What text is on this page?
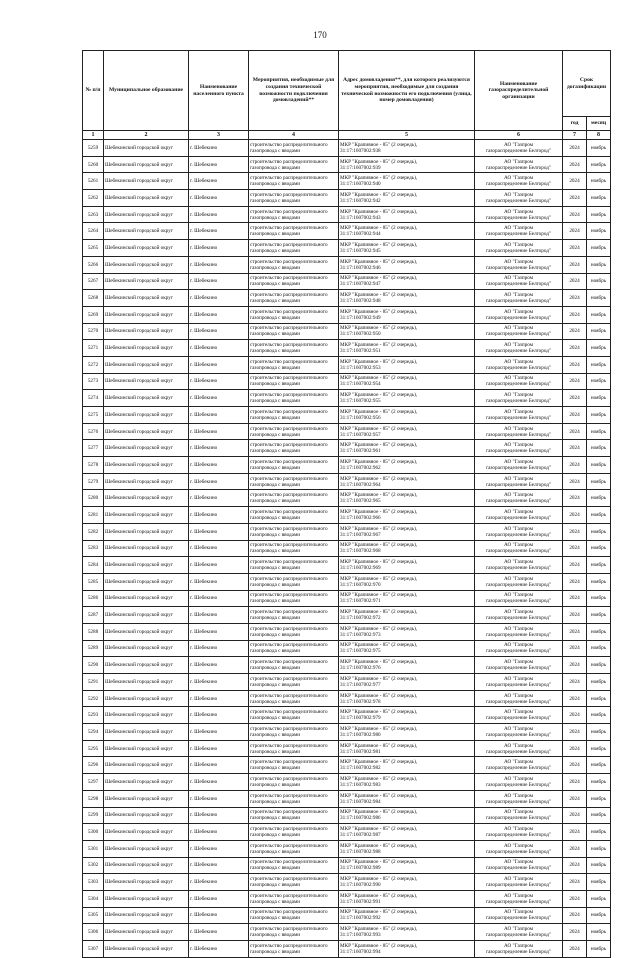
170
№ п/п	Муниципальное образование	Наименование населенного пункта	Мероприятия, необходимые для создания технической возможности подключения домовладений**	Адрес домовладения**, для которого реализуются мероприятия, необходимые для создания технической возможности его подключения (улица, номер домовладения)	Наименование газораспределительной организации	Срок догазификации	
						год	месяц
1	2	3	4	5	6	7	8

5259	Шебекинский городской округ	г. Шебекино	строительство распределительного
газопровода с вводами	МКР "Крапивное - 85" (2 очередь),
31:17:1607002:938	АО "Газпром
газораспределение Белгород"	2024	ноябрь

5260	Шебекинский городской округ	г. Шебекино	строительство распределительного
газопровода с вводами	МКР "Крапивное - 85" (2 очередь),
31:17:1607002:939	АО "Газпром
газораспределение Белгород"	2024	ноябрь

5261	Шебекинский городской округ	г. Шебекино	строительство распределительного
газопровода с вводами	МКР "Крапивное - 85" (2 очередь),
31:17:1607002:940	АО "Газпром
газораспределение Белгород"	2024	ноябрь

5262	Шебекинский городской округ	г. Шебекино	строительство распределительного
газопровода с вводами	МКР "Крапивное - 85" (2 очередь),
31:17:1607002:942	АО "Газпром
газораспределение Белгород"	2024	ноябрь

5263	Шебекинский городской округ	г. Шебекино	строительство распределительного
газопровода с вводами	МКР "Крапивное - 85" (2 очередь),
31:17:1607002:943	АО "Газпром
газораспределение Белгород"	2024	ноябрь

5264	Шебекинский городской округ	г. Шебекино	строительство распределительного
газопровода с вводами	МКР "Крапивное - 85" (2 очередь),
31:17:1607002:944	АО "Газпром
газораспределение Белгород"	2024	ноябрь

5265	Шебекинский городской округ	г. Шебекино	строительство распределительного
газопровода с вводами	МКР "Крапивное - 85" (2 очередь),
31:17:1607002:945	АО "Газпром
газораспределение Белгород"	2024	ноябрь

5266	Шебекинский городской округ	г. Шебекино	строительство распределительного
газопровода с вводами	МКР "Крапивное - 85" (2 очередь),
31:17:1607002:946	АО "Газпром
газораспределение Белгород"	2024	ноябрь

5267	Шебекинский городской округ	г. Шебекино	строительство распределительного
газопровода с вводами	МКР "Крапивное - 85" (2 очередь),
31:17:1607002:947	АО "Газпром
газораспределение Белгород"	2024	ноябрь

5268	Шебекинский городской округ	г. Шебекино	строительство распределительного
газопровода с вводами	МКР "Крапивное - 85" (2 очередь),
31:17:1607002:948	АО "Газпром
газораспределение Белгород"	2024	ноябрь

5269	Шебекинский городской округ	г. Шебекино	строительство распределительного
газопровода с вводами	МКР "Крапивное - 85" (2 очередь),
31:17:1607002:949	АО "Газпром
газораспределение Белгород"	2024	ноябрь

5270	Шебекинский городской округ	г. Шебекино	строительство распределительного
газопровода с вводами	МКР "Крапивное - 85" (2 очередь),
31:17:1607002:950	АО "Газпром
газораспределение Белгород"	2024	ноябрь

5271	Шебекинский городской округ	г. Шебекино	строительство распределительного
газопровода с вводами	МКР "Крапивное - 85" (2 очередь),
31:17:1607002:951	АО "Газпром
газораспределение Белгород"	2024	ноябрь

5272	Шебекинский городской округ	г. Шебекино	строительство распределительного
газопровода с вводами	МКР "Крапивное - 85" (2 очередь),
31:17:1607002:953	АО "Газпром
газораспределение Белгород"	2024	ноябрь

5273	Шебекинский городской округ	г. Шебекино	строительство распределительного
газопровода с вводами	МКР "Крапивное - 85" (2 очередь),
31:17:1607002:954	АО "Газпром
газораспределение Белгород"	2024	ноябрь

5274	Шебекинский городской округ	г. Шебекино	строительство распределительного
газопровода с вводами	МКР "Крапивное - 85" (2 очередь),
31:17:1607002:955	АО "Газпром
газораспределение Белгород"	2024	ноябрь

5275	Шебекинский городской округ	г. Шебекино	строительство распределительного
газопровода с вводами	МКР "Крапивное - 85" (2 очередь),
31:17:1607002:956	АО "Газпром
газораспределение Белгород"	2024	ноябрь

5276	Шебекинский городской округ	г. Шебекино	строительство распределительного
газопровода с вводами	МКР "Крапивное - 85" (2 очередь),
31:17:1607002:957	АО "Газпром
газораспределение Белгород"	2024	ноябрь

5277	Шебекинский городской округ	г. Шебекино	строительство распределительного
газопровода с вводами	МКР "Крапивное - 85" (2 очередь),
31:17:1607002:961	АО "Газпром
газораспределение Белгород"	2024	ноябрь

5278	Шебекинский городской округ	г. Шебекино	строительство распределительного
газопровода с вводами	МКР "Крапивное - 85" (2 очередь),
31:17:1607002:962	АО "Газпром
газораспределение Белгород"	2024	ноябрь

5279	Шебекинский городской округ	г. Шебекино	строительство распределительного
газопровода с вводами	МКР "Крапивное - 85" (2 очередь),
31:17:1607002:964	АО "Газпром
газораспределение Белгород"	2024	ноябрь

5280	Шебекинский городской округ	г. Шебекино	строительство распределительного
газопровода с вводами	МКР "Крапивное - 85" (2 очередь),
31:17:1607002:965	АО "Газпром
газораспределение Белгород"	2024	ноябрь

5281	Шебекинский городской округ	г. Шебекино	строительство распределительного
газопровода с вводами	МКР "Крапивное - 85" (2 очередь),
31:17:1607002:966	АО "Газпром
газораспределение Белгород"	2024	ноябрь

5282	Шебекинский городской округ	г. Шебекино	строительство распределительного
газопровода с вводами	МКР "Крапивное - 85" (2 очередь),
31:17:1607002:967	АО "Газпром
газораспределение Белгород"	2024	ноябрь

5283	Шебекинский городской округ	г. Шебекино	строительство распределительного
газопровода с вводами	МКР "Крапивное - 85" (2 очередь),
31:17:1607002:968	АО "Газпром
газораспределение Белгород"	2024	ноябрь

5284	Шебекинский городской округ	г. Шебекино	строительство распределительного
газопровода с вводами	МКР "Крапивное - 85" (2 очередь),
31:17:1607002:969	АО "Газпром
газораспределение Белгород"	2024	ноябрь

5285	Шебекинский городской округ	г. Шебекино	строительство распределительного
газопровода с вводами	МКР "Крапивное - 85" (2 очередь),
31:17:1607002:970	АО "Газпром
газораспределение Белгород"	2024	ноябрь

5286	Шебекинский городской округ	г. Шебекино	строительство распределительного
газопровода с вводами	МКР "Крапивное - 85" (2 очередь),
31:17:1607002:971	АО "Газпром
газораспределение Белгород"	2024	ноябрь

5287	Шебекинский городской округ	г. Шебекино	строительство распределительного
газопровода с вводами	МКР "Крапивное - 85" (2 очередь),
31:17:1607002:972	АО "Газпром
газораспределение Белгород"	2024	ноябрь

5288	Шебекинский городской округ	г. Шебекино	строительство распределительного
газопровода с вводами	МКР "Крапивное - 85" (2 очередь),
31:17:1607002:973	АО "Газпром
газораспределение Белгород"	2024	ноябрь

5289	Шебекинский городской округ	г. Шебекино	строительство распределительного
газопровода с вводами	МКР "Крапивное - 85" (2 очередь),
31:17:1607002:975	АО "Газпром
газораспределение Белгород"	2024	ноябрь

5290	Шебекинский городской округ	г. Шебекино	строительство распределительного
газопровода с вводами	МКР "Крапивное - 85" (2 очередь),
31:17:1607002:976	АО "Газпром
газораспределение Белгород"	2024	ноябрь

5291	Шебекинский городской округ	г. Шебекино	строительство распределительного
газопровода с вводами	МКР "Крапивное - 85" (2 очередь),
31:17:1607002:977	АО "Газпром
газораспределение Белгород"	2024	ноябрь

5292	Шебекинский городской округ	г. Шебекино	строительство распределительного
газопровода с вводами	МКР "Крапивное - 85" (2 очередь),
31:17:1607002:978	АО "Газпром
газораспределение Белгород"	2024	ноябрь

5293	Шебекинский городской округ	г. Шебекино	строительство распределительного
газопровода с вводами	МКР "Крапивное - 85" (2 очередь),
31:17:1607002:979	АО "Газпром
газораспределение Белгород"	2024	ноябрь

5294	Шебекинский городской округ	г. Шебекино	строительство распределительного
газопровода с вводами	МКР "Крапивное - 85" (2 очередь),
31:17:1607002:980	АО "Газпром
газораспределение Белгород"	2024	ноябрь

5295	Шебекинский городской округ	г. Шебекино	строительство распределительного
газопровода с вводами	МКР "Крапивное - 85" (2 очередь),
31:17:1607002:981	АО "Газпром
газораспределение Белгород"	2024	ноябрь

5296	Шебекинский городской округ	г. Шебекино	строительство распределительного
газопровода с вводами	МКР "Крапивное - 85" (2 очередь),
31:17:1607002:982	АО "Газпром
газораспределение Белгород"	2024	ноябрь

5297	Шебекинский городской округ	г. Шебекино	строительство распределительного
газопровода с вводами	МКР "Крапивное - 85" (2 очередь),
31:17:1607002:983	АО "Газпром
газораспределение Белгород"	2024	ноябрь

5298	Шебекинский городской округ	г. Шебекино	строительство распределительного
газопровода с вводами	МКР "Крапивное - 85" (2 очередь),
31:17:1607002:984	АО "Газпром
газораспределение Белгород"	2024	ноябрь

5299	Шебекинский городской округ	г. Шебекино	строительство распределительного
газопровода с вводами	МКР "Крапивное - 85" (2 очередь),
31:17:1607002:986	АО "Газпром
газораспределение Белгород"	2024	ноябрь

5300	Шебекинский городской округ	г. Шебекино	строительство распределительного
газопровода с вводами	МКР "Крапивное - 85" (2 очередь),
31:17:1607002:987	АО "Газпром
газораспределение Белгород"	2024	ноябрь

5301	Шебекинский городской округ	г. Шебекино	строительство распределительного
газопровода с вводами	МКР "Крапивное - 85" (2 очередь),
31:17:1607002:988	АО "Газпром
газораспределение Белгород"	2024	ноябрь

5302	Шебекинский городской округ	г. Шебекино	строительство распределительного
газопровода с вводами	МКР "Крапивное - 85" (2 очередь),
31:17:1607002:989	АО "Газпром
газораспределение Белгород"	2024	ноябрь

5303	Шебекинский городской округ	г. Шебекино	строительство распределительного
газопровода с вводами	МКР "Крапивное - 85" (2 очередь),
31:17:1607002:990	АО "Газпром
газораспределение Белгород"	2024	ноябрь

5304	Шебекинский городской округ	г. Шебекино	строительство распределительного
газопровода с вводами	МКР "Крапивное - 85" (2 очередь),
31:17:1607002:991	АО "Газпром
газораспределение Белгород"	2024	ноябрь

5305	Шебекинский городской округ	г. Шебекино	строительство распределительного
газопровода с вводами	МКР "Крапивное - 85" (2 очередь),
31:17:1607002:992	АО "Газпром
газораспределение Белгород"	2024	ноябрь

5306	Шебекинский городской округ	г. Шебекино	строительство распределительного
газопровода с вводами	МКР "Крапивное - 85" (2 очередь),
31:17:1607002:993	АО "Газпром
газораспределение Белгород"	2024	ноябрь

5307	Шебекинский городской округ	г. Шебекино	строительство распределительного
газопровода с вводами	МКР "Крапивное - 85" (2 очередь),
31:17:1607002:994	АО "Газпром
газораспределение Белгород"	2024	ноябрь
